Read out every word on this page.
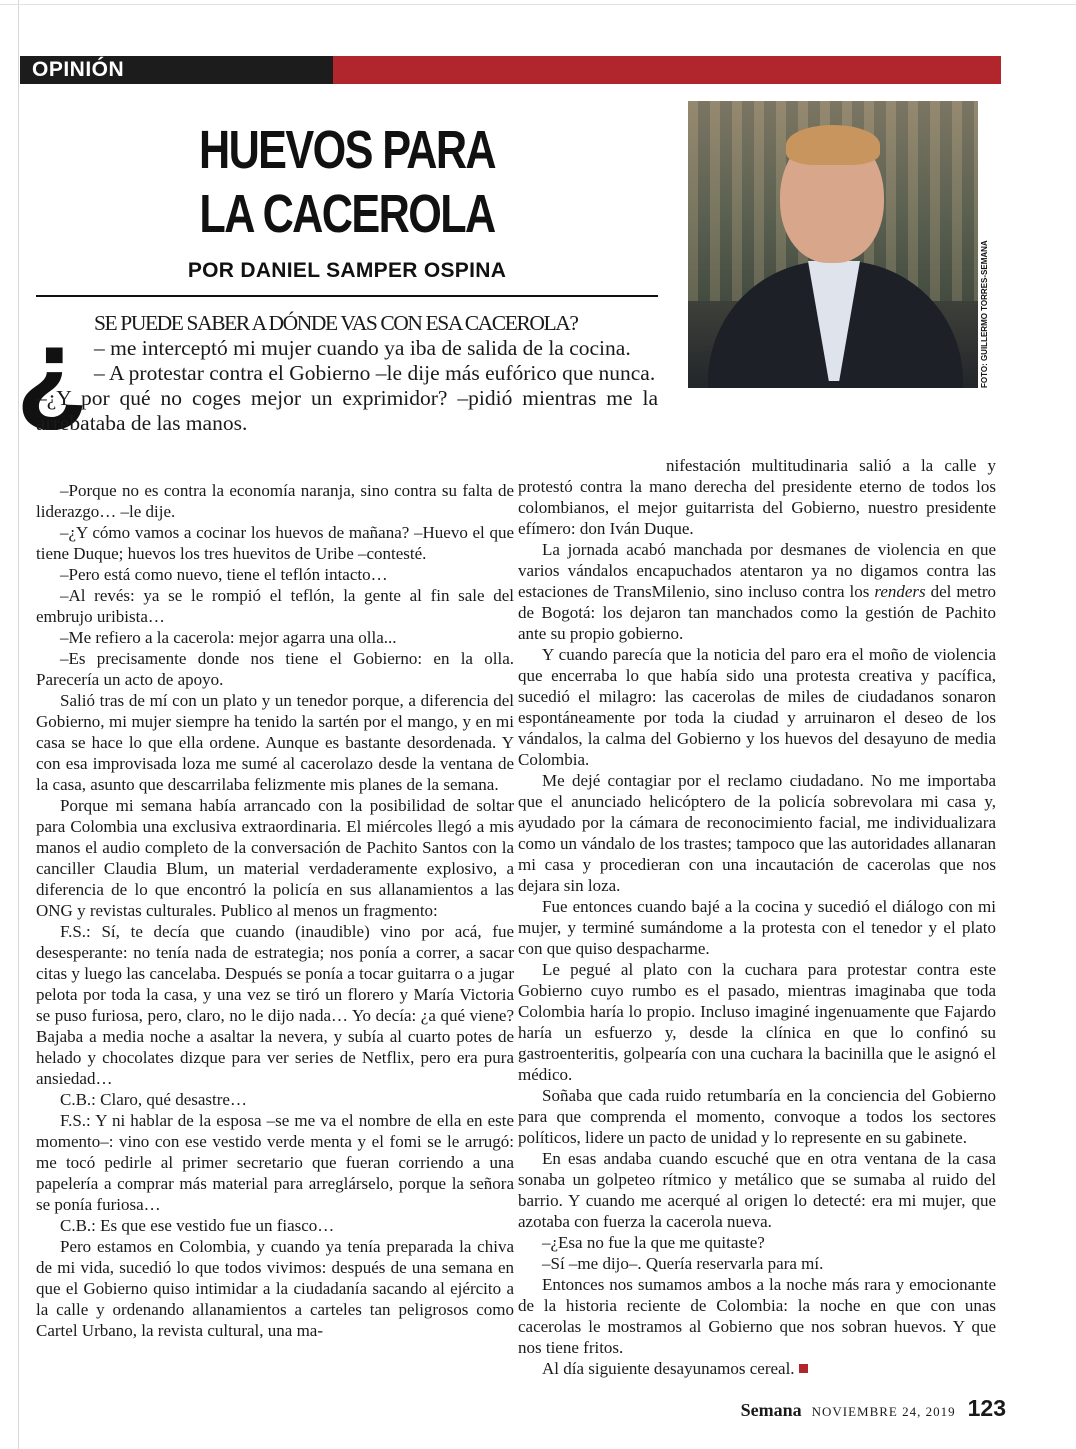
OPINIÓN
HUEVOS PARA
LA CACEROLA
POR DANIEL SAMPER OSPINA	FOTO: GUILLERMO TORRES-SEMANA
¿ SE PUEDE SABER A DÓNDE VAS CON ESA CACEROLA?

– me interceptó mi mujer cuando ya iba de salida de la cocina.

– A protestar contra el Gobierno –le dije más eufórico que nunca.

–¿Y por qué no coges mejor un exprimidor? –pidió mientras me la arrebataba de las manos.

–Porque no es contra la economía naranja, sino contra su falta de liderazgo… –le dije.

–¿Y cómo vamos a cocinar los huevos de mañana? –Huevo el que tiene Duque; huevos los tres huevitos de Uribe –contesté.

–Pero está como nuevo, tiene el teflón intacto…

–Al revés: ya se le rompió el teflón, la gente al fin sale del embrujo uribista…

–Me refiero a la cacerola: mejor agarra una olla...

–Es precisamente donde nos tiene el Gobierno: en la olla. Parecería un acto de apoyo.

Salió tras de mí con un plato y un tenedor porque, a diferencia del Gobierno, mi mujer siempre ha tenido la sartén por el mango, y en mi casa se hace lo que ella ordene. Aunque es bastante desordenada. Y con esa improvisada loza me sumé al cacerolazo desde la ventana de la casa, asunto que descarrilaba felizmente mis planes de la semana.

Porque mi semana había arrancado con la posibilidad de soltar para Colombia una exclusiva extraordinaria. El miércoles llegó a mis manos el audio completo de la conversación de Pachito Santos con la canciller Claudia Blum, un material verdaderamente explosivo, a diferencia de lo que encontró la policía en sus allanamientos a las ONG y revistas culturales. Publico al menos un fragmento:

F.S.: Sí, te decía que cuando (inaudible) vino por acá, fue desesperante: no tenía nada de estrategia; nos ponía a correr, a sacar citas y luego las cancelaba. Después se ponía a tocar guitarra o a jugar pelota por toda la casa, y una vez se tiró un florero y María Victoria se puso furiosa, pero, claro, no le dijo nada… Yo decía: ¿a qué viene? Bajaba a media noche a asaltar la nevera, y subía al cuarto potes de helado y chocolates dizque para ver series de Netflix, pero era pura ansiedad…

C.B.: Claro, qué desastre…

F.S.: Y ni hablar de la esposa –se me va el nombre de ella en este momento–: vino con ese vestido verde menta y el fomi se le arrugó: me tocó pedirle al primer secretario que fueran corriendo a una papelería a comprar más material para arreglárselo, porque la señora se ponía furiosa…

C.B.: Es que ese vestido fue un fiasco…

Pero estamos en Colombia, y cuando ya tenía preparada la chiva de mi vida, sucedió lo que todos vivimos: después de una semana en que el Gobierno quiso intimidar a la ciudadanía sacando al ejército a la calle y ordenando allanamientos a carteles tan peligrosos como Cartel Urbano, la revista cultural, una ma-

nifestación multitudinaria salió a la calle y protestó contra la mano derecha del presidente eterno de todos los colombianos, el mejor guitarrista del Gobierno, nuestro presidente efímero: don Iván Duque.

La jornada acabó manchada por desmanes de violencia en que varios vándalos encapuchados atentaron ya no digamos contra las estaciones de TransMilenio, sino incluso contra los renders del metro de Bogotá: los dejaron tan manchados como la gestión de Pachito ante su propio gobierno.

Y cuando parecía que la noticia del paro era el moño de violencia que encerraba lo que había sido una protesta creativa y pacífica, sucedió el milagro: las cacerolas de miles de ciudadanos sonaron espontáneamente por toda la ciudad y arruinaron el deseo de los vándalos, la calma del Gobierno y los huevos del desayuno de media Colombia.

Me dejé contagiar por el reclamo ciudadano. No me importaba que el anunciado helicóptero de la policía sobrevolara mi casa y, ayudado por la cámara de reconocimiento facial, me individualizara como un vándalo de los trastes; tampoco que las autoridades allanaran mi casa y procedieran con una incautación de cacerolas que nos dejara sin loza.

Fue entonces cuando bajé a la cocina y sucedió el diálogo con mi mujer, y terminé sumándome a la protesta con el tenedor y el plato con que quiso despacharme.

Le pegué al plato con la cuchara para protestar contra este Gobierno cuyo rumbo es el pasado, mientras imaginaba que toda Colombia haría lo propio. Incluso imaginé ingenuamente que Fajardo haría un esfuerzo y, desde la clínica en que lo confinó su gastroenteritis, golpearía con una cuchara la bacinilla que le asignó el médico.

Soñaba que cada ruido retumbaría en la conciencia del Gobierno para que comprenda el momento, convoque a todos los sectores políticos, lidere un pacto de unidad y lo represente en su gabinete.

En esas andaba cuando escuché que en otra ventana de la casa sonaba un golpeteo rítmico y metálico que se sumaba al ruido del barrio. Y cuando me acerqué al origen lo detecté: era mi mujer, que azotaba con fuerza la cacerola nueva.

–¿Esa no fue la que me quitaste?

–Sí –me dijo–. Quería reservarla para mí.

Entonces nos sumamos ambos a la noche más rara y emocionante de la historia reciente de Colombia: la noche en que con unas cacerolas le mostramos al Gobierno que nos sobran huevos. Y que nos tiene fritos.

Al día siguiente desayunamos cereal.

Semana NOVIEMBRE 24, 2019 123
